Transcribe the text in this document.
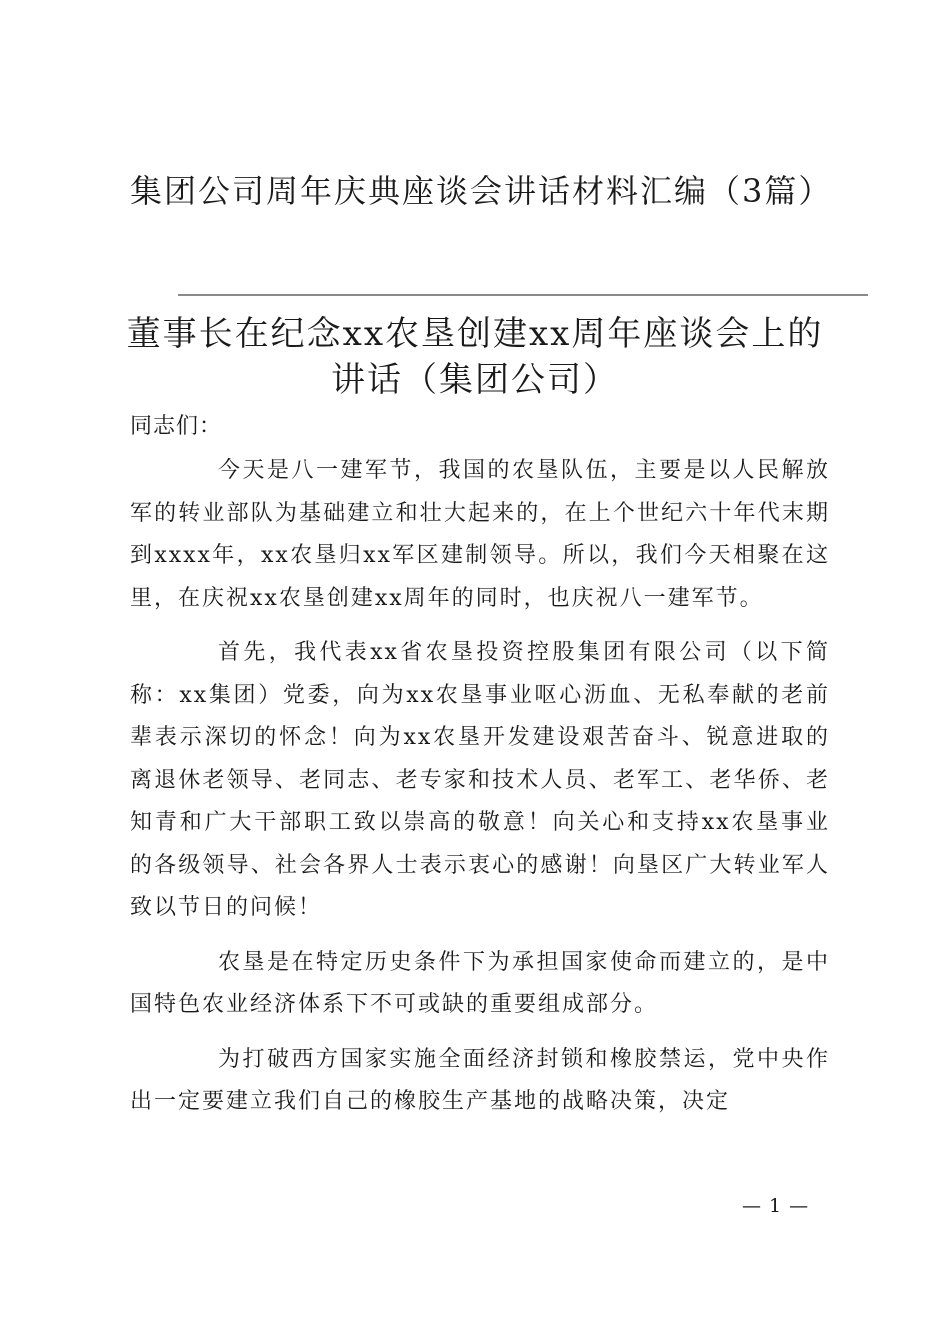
集团公司周年庆典座谈会讲话材料汇编（3篇）
董事长在纪念xx农垦创建xx周年座谈会上的讲话（集团公司）

同志们：

今天是八一建军节，我国的农垦队伍，主要是以人民解放军的转业部队为基础建立和壮大起来的，在上个世纪六十年代末期到xxxx年，xx农垦归xx军区建制领导。所以，我们今天相聚在这里，在庆祝xx农垦创建xx周年的同时，也庆祝八一建军节。

首先，我代表xx省农垦投资控股集团有限公司（以下简称：xx集团）党委，向为xx农垦事业呕心沥血、无私奉献的老前辈表示深切的怀念！向为xx农垦开发建设艰苦奋斗、锐意进取的离退休老领导、老同志、老专家和技术人员、老军工、老华侨、老知青和广大干部职工致以崇高的敬意！向关心和支持xx农垦事业的各级领导、社会各界人士表示衷心的感谢！向垦区广大转业军人致以节日的问候！

农垦是在特定历史条件下为承担国家使命而建立的，是中国特色农业经济体系下不可或缺的重要组成部分。

为打破西方国家实施全面经济封锁和橡胶禁运，党中央作出一定要建立我们自己的橡胶生产基地的战略决策，决定

— 1 —
